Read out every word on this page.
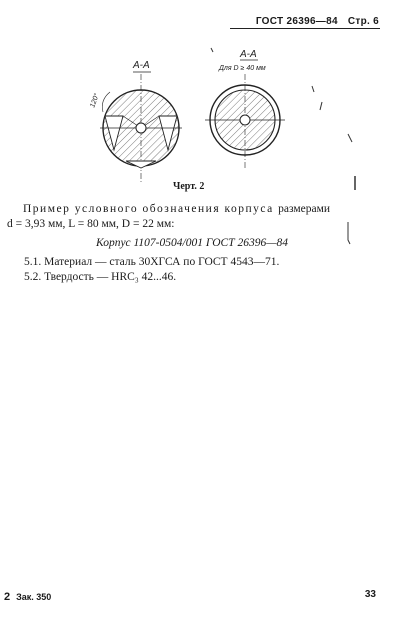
ГОСТ 26396—84 Стр. 6
А-А
120°
А-А
Для D ≥ 40 мм
Черт. 2
Пример условного обозначения корпуса размерами
d = 3,93 мм, L = 80 мм, D = 22 мм:
Корпус 1107-0504/001 ГОСТ 26396—84
5.1. Материал — сталь 30ХГСА по ГОСТ 4543—71.
5.2. Твердость — HRC₃ 42...46.
2 Зак. 350	33
